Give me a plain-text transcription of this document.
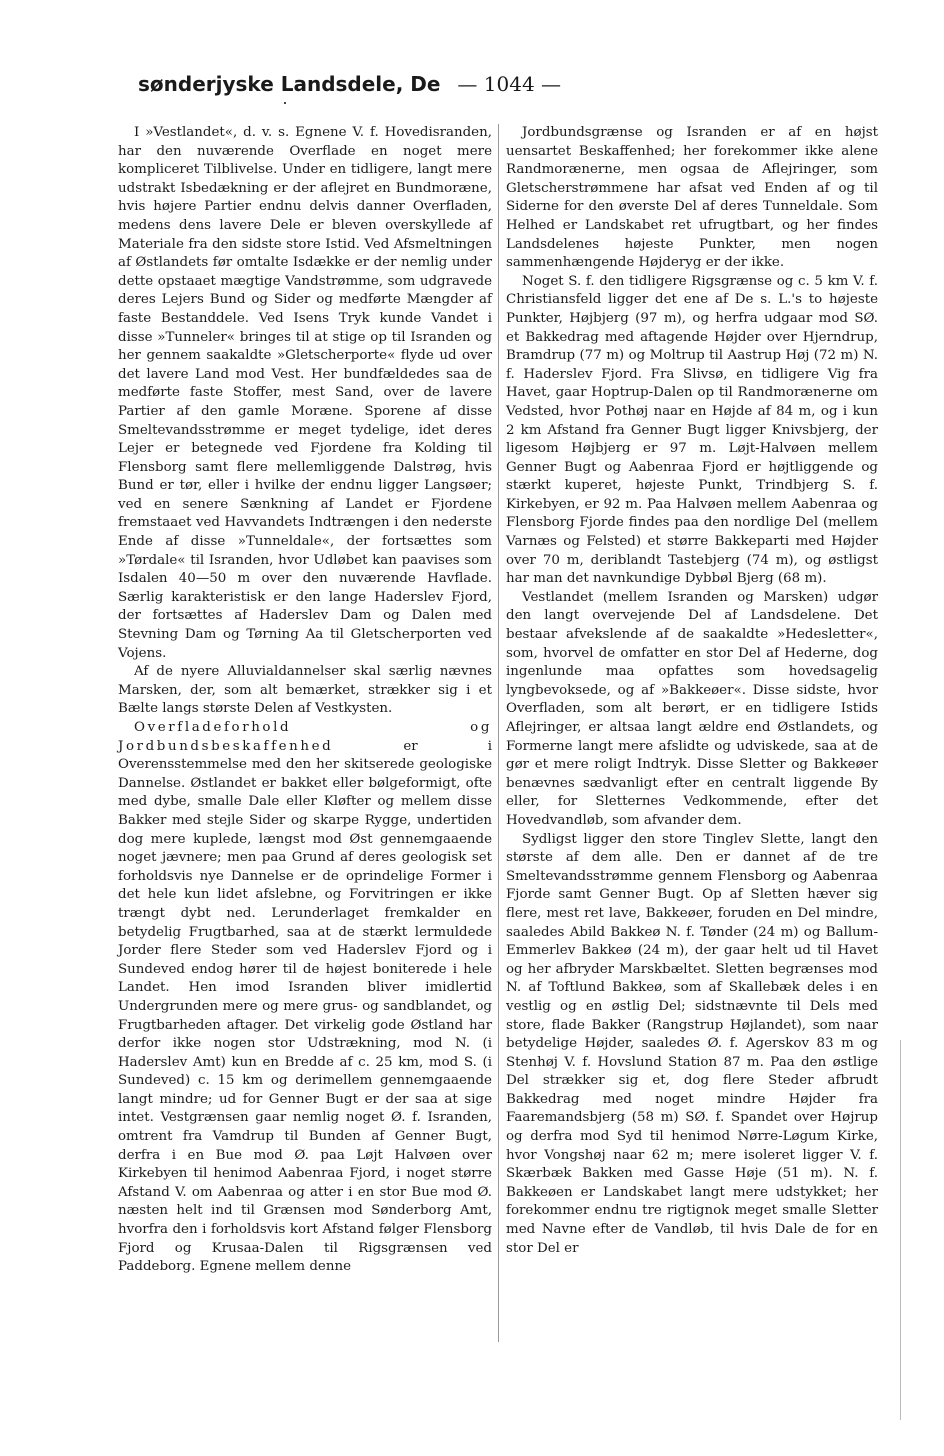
sønderjyske Landsdele, De — 1044 —

I »Vestlandet«, d. v. s. Egnene V. f. Hovedisranden, har den nuværende Overflade en noget mere kompliceret Tilblivelse. Under en tidligere, langt mere udstrakt Isbedækning er der aflejret en Bundmoræne, hvis højere Partier endnu delvis danner Overfladen, medens dens lavere Dele er bleven overskyllede af Materiale fra den sidste store Istid. Ved Afsmeltningen af Østlandets før omtalte Isdække er der nemlig under dette opstaaet mægtige Vandstrømme, som udgravede deres Lejers Bund og Sider og medførte Mængder af faste Bestanddele. Ved Isens Tryk kunde Vandet i disse »Tunneler« bringes til at stige op til Isranden og her gennem saakaldte »Gletscherporte« flyde ud over det lavere Land mod Vest. Her bundfældedes saa de medførte faste Stoffer, mest Sand, over de lavere Partier af den gamle Moræne. Sporene af disse Smeltevandsstrømme er meget tydelige, idet deres Lejer er betegnede ved Fjordene fra Kolding til Flensborg samt flere mellemliggende Dalstrøg, hvis Bund er tør, eller i hvilke der endnu ligger Langsøer; ved en senere Sænkning af Landet er Fjordene fremstaaet ved Havvandets Indtrængen i den nederste Ende af disse »Tunneldale«, der fortsættes som »Tørdale« til Isranden, hvor Udløbet kan paavises som Isdalen 40—50 m over den nuværende Havflade. Særlig karakteristisk er den lange Haderslev Fjord, der fortsættes af Haderslev Dam og Dalen med Stevning Dam og Tørning Aa til Gletscherporten ved Vojens.

Af de nyere Alluvialdannelser skal særlig nævnes Marsken, der, som alt bemærket, strækker sig i et Bælte langs største Delen af Vestkysten.

Overfladeforhold og Jordbundsbeskaffenhed er i Overensstemmelse med den her skitserede geologiske Dannelse. Østlandet er bakket eller bølgeformigt, ofte med dybe, smalle Dale eller Kløfter og mellem disse Bakker med stejle Sider og skarpe Rygge, undertiden dog mere kuplede, længst mod Øst gennemgaaende noget jævnere; men paa Grund af deres geologisk set forholdsvis nye Dannelse er de oprindelige Former i det hele kun lidet afslebne, og Forvitringen er ikke trængt dybt ned. Lerunderlaget fremkalder en betydelig Frugtbarhed, saa at de stærkt lermuldede Jorder flere Steder som ved Haderslev Fjord og i Sundeved endog hører til de højest boniterede i hele Landet. Hen imod Isranden bliver imidlertid Undergrunden mere og mere grus- og sandblandet, og Frugtbarheden aftager. Det virkelig gode Østland har derfor ikke nogen stor Udstrækning, mod N. (i Haderslev Amt) kun en Bredde af c. 25 km, mod S. (i Sundeved) c. 15 km og derimellem gennemgaaende langt mindre; ud for Genner Bugt er der saa at sige intet. Vestgrænsen gaar nemlig noget Ø. f. Isranden, omtrent fra Vamdrup til Bunden af Genner Bugt, derfra i en Bue mod Ø. paa Løjt Halvøen over Kirkebyen til henimod Aabenraa Fjord, i noget større Afstand V. om Aabenraa og atter i en stor Bue mod Ø. næsten helt ind til Grænsen mod Sønderborg Amt, hvorfra den i forholdsvis kort Afstand følger Flensborg Fjord og Krusaa-Dalen til Rigsgrænsen ved Paddeborg. Egnene mellem denne

Jordbundsgrænse og Isranden er af en højst uensartet Beskaffenhed; her forekommer ikke alene Randmorænerne, men ogsaa de Aflejringer, som Gletscherstrømmene har afsat ved Enden af og til Siderne for den øverste Del af deres Tunneldale. Som Helhed er Landskabet ret ufrugtbart, og her findes Landsdelenes højeste Punkter, men nogen sammenhængende Højderyg er der ikke.

Noget S. f. den tidligere Rigsgrænse og c. 5 km V. f. Christiansfeld ligger det ene af De s. L.'s to højeste Punkter, Højbjerg (97 m), og herfra udgaar mod SØ. et Bakkedrag med aftagende Højder over Hjerndrup, Bramdrup (77 m) og Moltrup til Aastrup Høj (72 m) N. f. Haderslev Fjord. Fra Slivsø, en tidligere Vig fra Havet, gaar Hoptrup-Dalen op til Randmorænerne om Vedsted, hvor Pothøj naar en Højde af 84 m, og i kun 2 km Afstand fra Genner Bugt ligger Knivsbjerg, der ligesom Højbjerg er 97 m. Løjt-Halvøen mellem Genner Bugt og Aabenraa Fjord er højtliggende og stærkt kuperet, højeste Punkt, Trindbjerg S. f. Kirkebyen, er 92 m. Paa Halvøen mellem Aabenraa og Flensborg Fjorde findes paa den nordlige Del (mellem Varnæs og Felsted) et større Bakkeparti med Højder over 70 m, deriblandt Tastebjerg (74 m), og østligst har man det navnkundige Dybbøl Bjerg (68 m).

Vestlandet (mellem Isranden og Marsken) udgør den langt overvejende Del af Landsdelene. Det bestaar afvekslende af de saakaldte »Hedesletter«, som, hvorvel de omfatter en stor Del af Hederne, dog ingenlunde maa opfattes som hovedsagelig lyngbevoksede, og af »Bakkeøer«. Disse sidste, hvor Overfladen, som alt berørt, er en tidligere Istids Aflejringer, er altsaa langt ældre end Østlandets, og Formerne langt mere afslidte og udviskede, saa at de gør et mere roligt Indtryk. Disse Sletter og Bakkeøer benævnes sædvanligt efter en centralt liggende By eller, for Sletternes Vedkommende, efter det Hovedvandløb, som afvander dem.

Sydligst ligger den store Tinglev Slette, langt den største af dem alle. Den er dannet af de tre Smeltevandsstrømme gennem Flensborg og Aabenraa Fjorde samt Genner Bugt. Op af Sletten hæver sig flere, mest ret lave, Bakkeøer, foruden en Del mindre, saaledes Abild Bakkeø N. f. Tønder (24 m) og Ballum-Emmerlev Bakkeø (24 m), der gaar helt ud til Havet og her afbryder Marskbæltet. Sletten begrænses mod N. af Toftlund Bakkeø, som af Skallebæk deles i en vestlig og en østlig Del; sidstnævnte til Dels med store, flade Bakker (Rangstrup Højlandet), som naar betydelige Højder, saaledes Ø. f. Agerskov 83 m og Stenhøj V. f. Hovslund Station 87 m. Paa den østlige Del strækker sig et, dog flere Steder afbrudt Bakkedrag med noget mindre Højder fra Faaremandsbjerg (58 m) SØ. f. Spandet over Højrup og derfra mod Syd til henimod Nørre-Løgum Kirke, hvor Vongshøj naar 62 m; mere isoleret ligger V. f. Skærbæk Bakken med Gasse Høje (51 m). N. f. Bakkeøen er Landskabet langt mere udstykket; her forekommer endnu tre rigtignok meget smalle Sletter med Navne efter de Vandløb, til hvis Dale de for en stor Del er
